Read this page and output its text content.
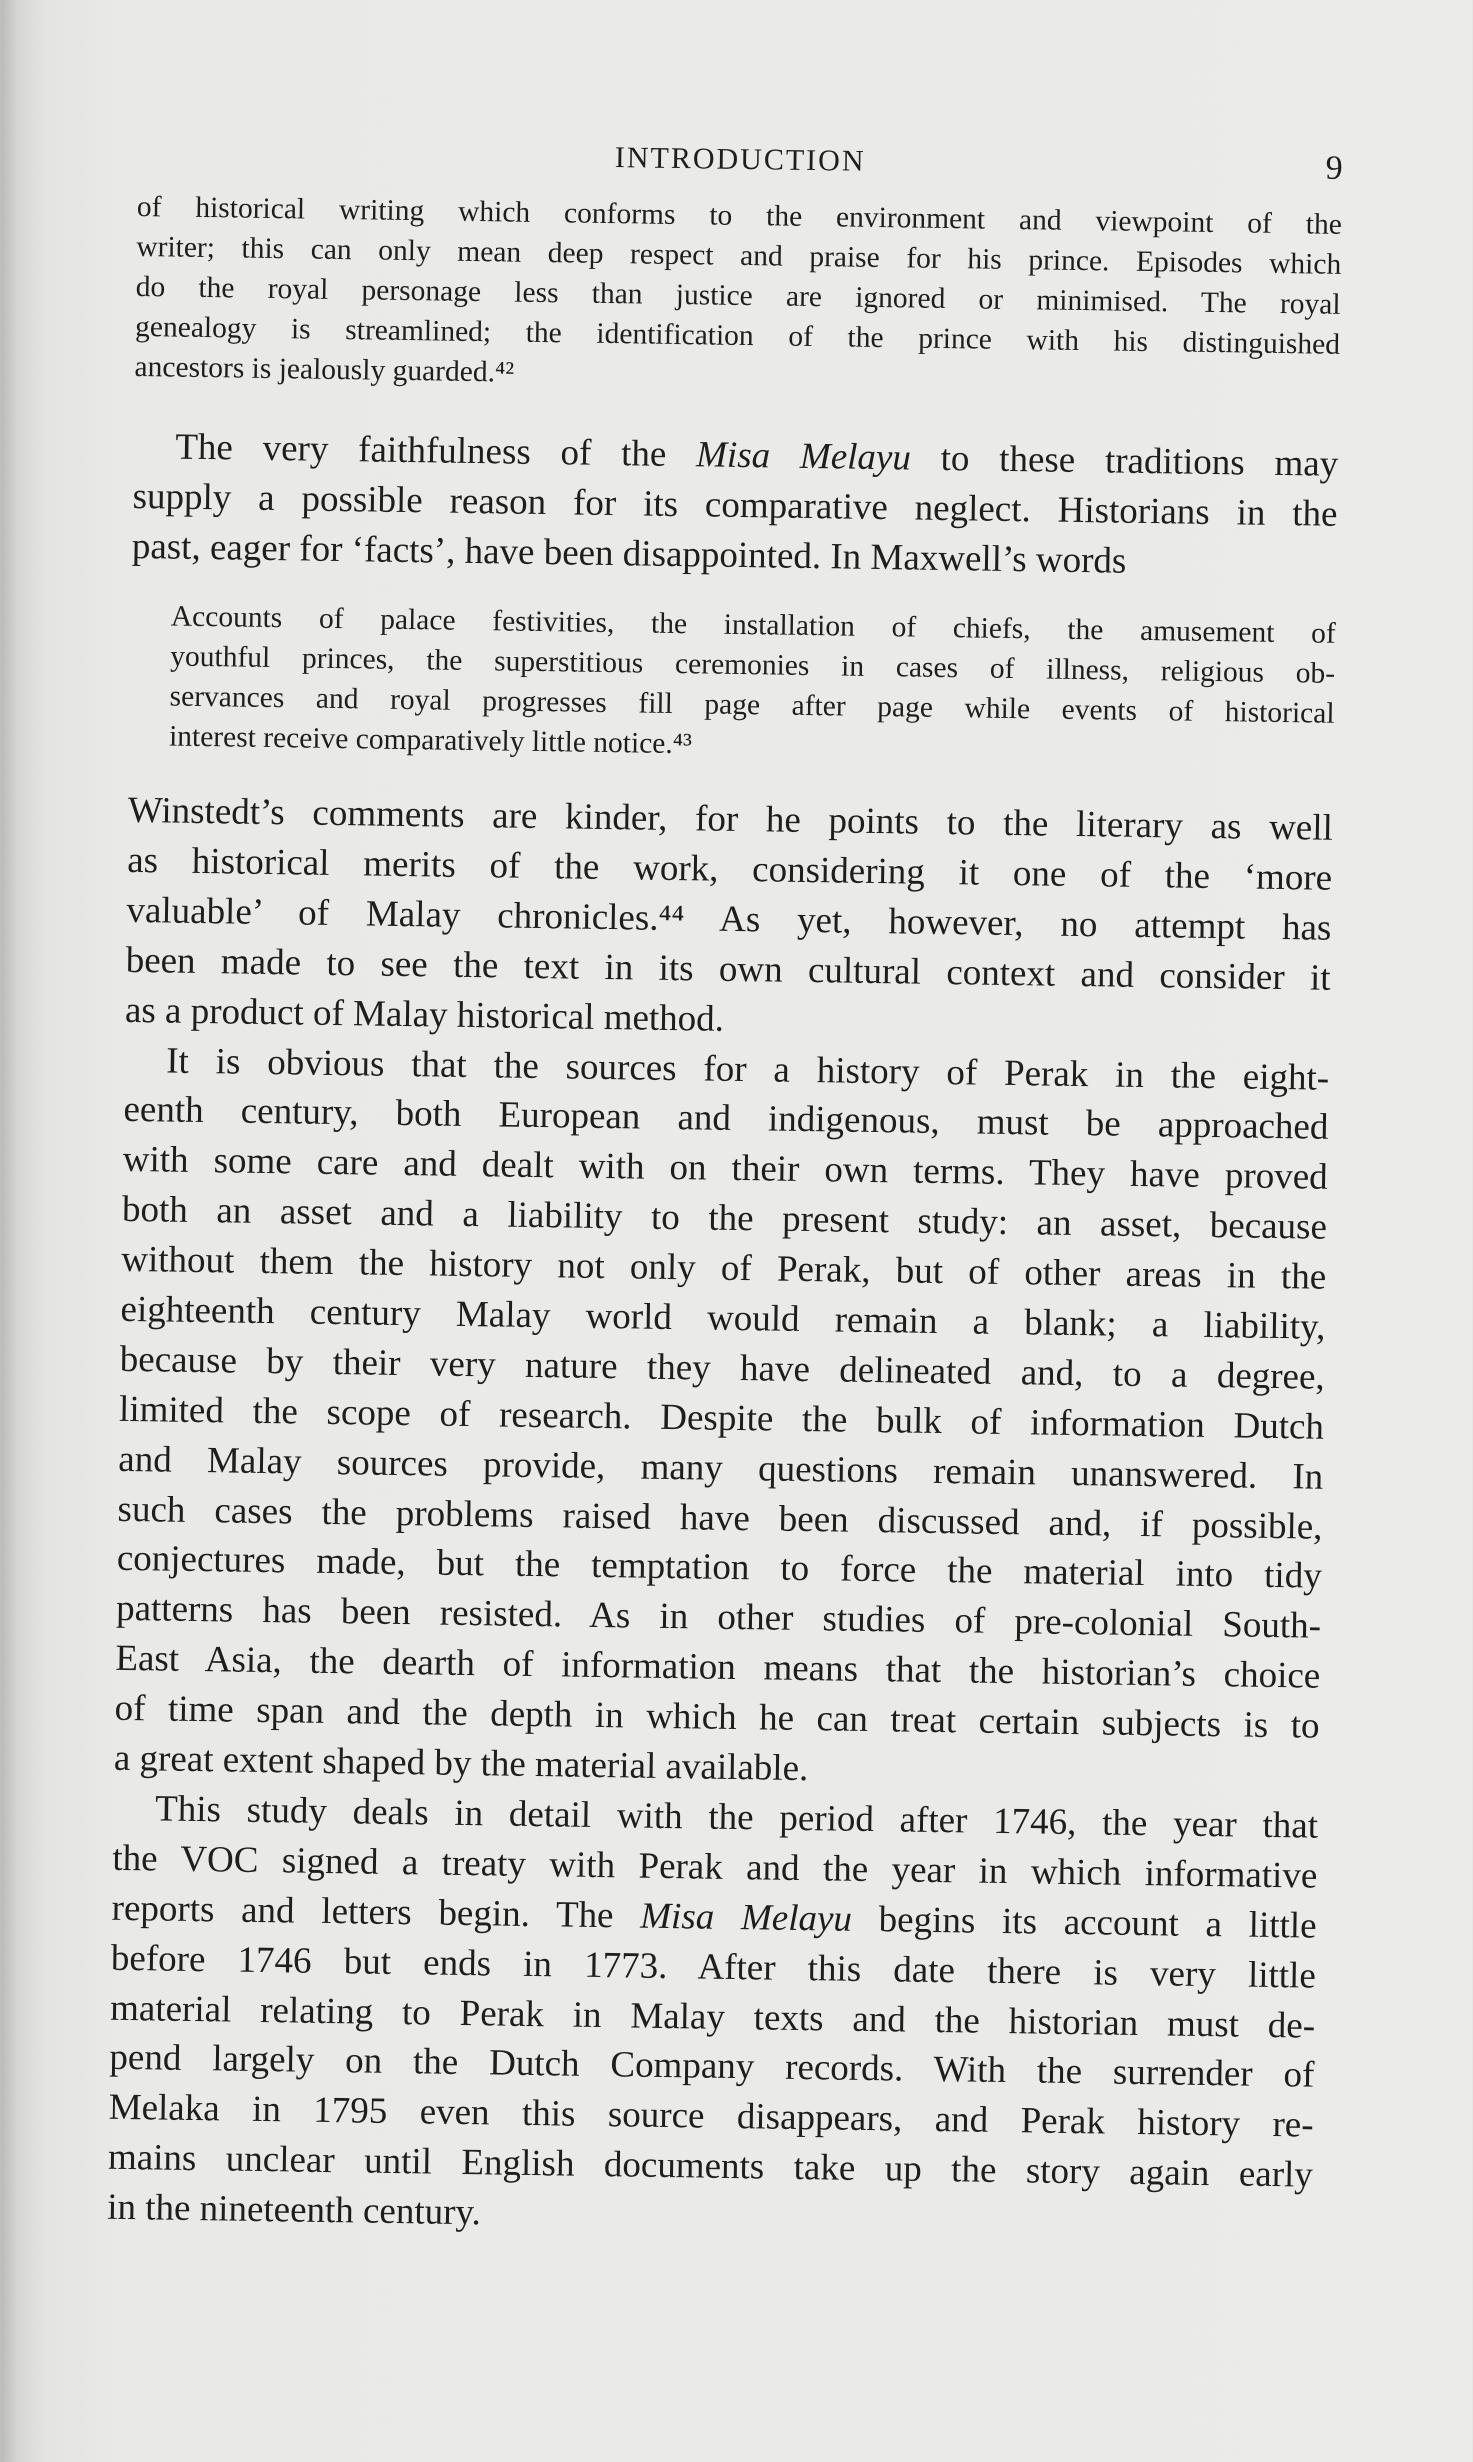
INTRODUCTION	9
of historical writing which conforms to the environment and viewpoint of the
writer; this can only mean deep respect and praise for his prince. Episodes which
do the royal personage less than justice are ignored or minimised. The royal
genealogy is streamlined; the identification of the prince with his distinguished
ancestors is jealously guarded.⁴²
The very faithfulness of the Misa Melayu to these traditions may
supply a possible reason for its comparative neglect. Historians in the
past, eager for ‘facts’, have been disappointed. In Maxwell’s words
Accounts of palace festivities, the installation of chiefs, the amusement of
youthful princes, the superstitious ceremonies in cases of illness, religious ob-
servances and royal progresses fill page after page while events of historical
interest receive comparatively little notice.⁴³
Winstedt’s comments are kinder, for he points to the literary as well
as historical merits of the work, considering it one of the ‘more
valuable’ of Malay chronicles.⁴⁴ As yet, however, no attempt has
been made to see the text in its own cultural context and consider it
as a product of Malay historical method.
It is obvious that the sources for a history of Perak in the eight-
eenth century, both European and indigenous, must be approached
with some care and dealt with on their own terms. They have proved
both an asset and a liability to the present study: an asset, because
without them the history not only of Perak, but of other areas in the
eighteenth century Malay world would remain a blank; a liability,
because by their very nature they have delineated and, to a degree,
limited the scope of research. Despite the bulk of information Dutch
and Malay sources provide, many questions remain unanswered. In
such cases the problems raised have been discussed and, if possible,
conjectures made, but the temptation to force the material into tidy
patterns has been resisted. As in other studies of pre-colonial South-
East Asia, the dearth of information means that the historian’s choice
of time span and the depth in which he can treat certain subjects is to
a great extent shaped by the material available.
This study deals in detail with the period after 1746, the year that
the VOC signed a treaty with Perak and the year in which informative
reports and letters begin. The Misa Melayu begins its account a little
before 1746 but ends in 1773. After this date there is very little
material relating to Perak in Malay texts and the historian must de-
pend largely on the Dutch Company records. With the surrender of
Melaka in 1795 even this source disappears, and Perak history re-
mains unclear until English documents take up the story again early
in the nineteenth century.
